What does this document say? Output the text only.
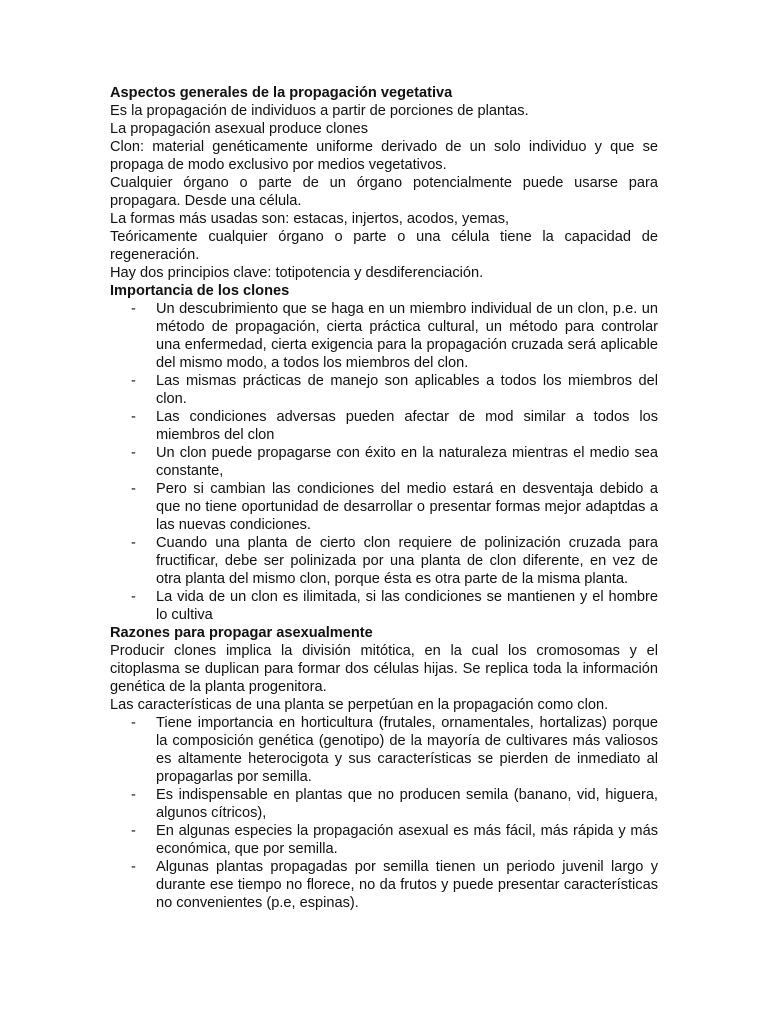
Aspectos generales de la propagación vegetativa

Es la propagación de individuos a partir de porciones de plantas.

La propagación asexual produce clones

Clon: material genéticamente uniforme derivado de un solo individuo y que se propaga de modo exclusivo por medios vegetativos.

Cualquier órgano o parte de un órgano potencialmente puede usarse para propagara. Desde una célula.

La formas más usadas son: estacas, injertos, acodos, yemas,

Teóricamente cualquier órgano o parte o una célula tiene la capacidad de regeneración.

Hay dos principios clave: totipotencia y desdiferenciación.

Importancia de los clones

- Un descubrimiento que se haga en un miembro individual de un clon, p.e. un método de propagación, cierta práctica cultural, un método para controlar una enfermedad, cierta exigencia para la propagación cruzada será aplicable del mismo modo, a todos los miembros del clon.
- Las mismas prácticas de manejo son aplicables a todos los miembros del clon.
- Las condiciones adversas pueden afectar de mod similar a todos los miembros del clon
- Un clon puede propagarse con éxito en la naturaleza mientras el medio sea constante,
- Pero si cambian las condiciones del medio estará en desventaja debido a que no tiene oportunidad de desarrollar o presentar formas mejor adaptdas a las nuevas condiciones.
- Cuando una planta de cierto clon requiere de polinización cruzada para fructificar, debe ser polinizada por una planta de clon diferente, en vez de otra planta del mismo clon, porque ésta es otra parte de la misma planta.
- La vida de un clon es ilimitada, si las condiciones se mantienen y el hombre lo cultiva

Razones para propagar asexualmente

Producir clones implica la división mitótica, en la cual los cromosomas y el citoplasma se duplican para formar dos células hijas. Se replica toda la información genética de la planta progenitora.

Las características de una planta se perpetúan en la propagación como clon.

- Tiene importancia en horticultura (frutales, ornamentales, hortalizas) porque la composición genética (genotipo) de la mayoría de cultivares más valiosos es altamente heterocigota y sus características se pierden de inmediato al propagarlas por semilla.
- Es indispensable en plantas que no producen semila (banano, vid, higuera, algunos cítricos),
- En algunas especies la propagación asexual es más fácil, más rápida y más económica, que por semilla.
- Algunas plantas propagadas por semilla tienen un periodo juvenil largo y durante ese tiempo no florece, no da frutos y puede presentar características no convenientes (p.e, espinas).
